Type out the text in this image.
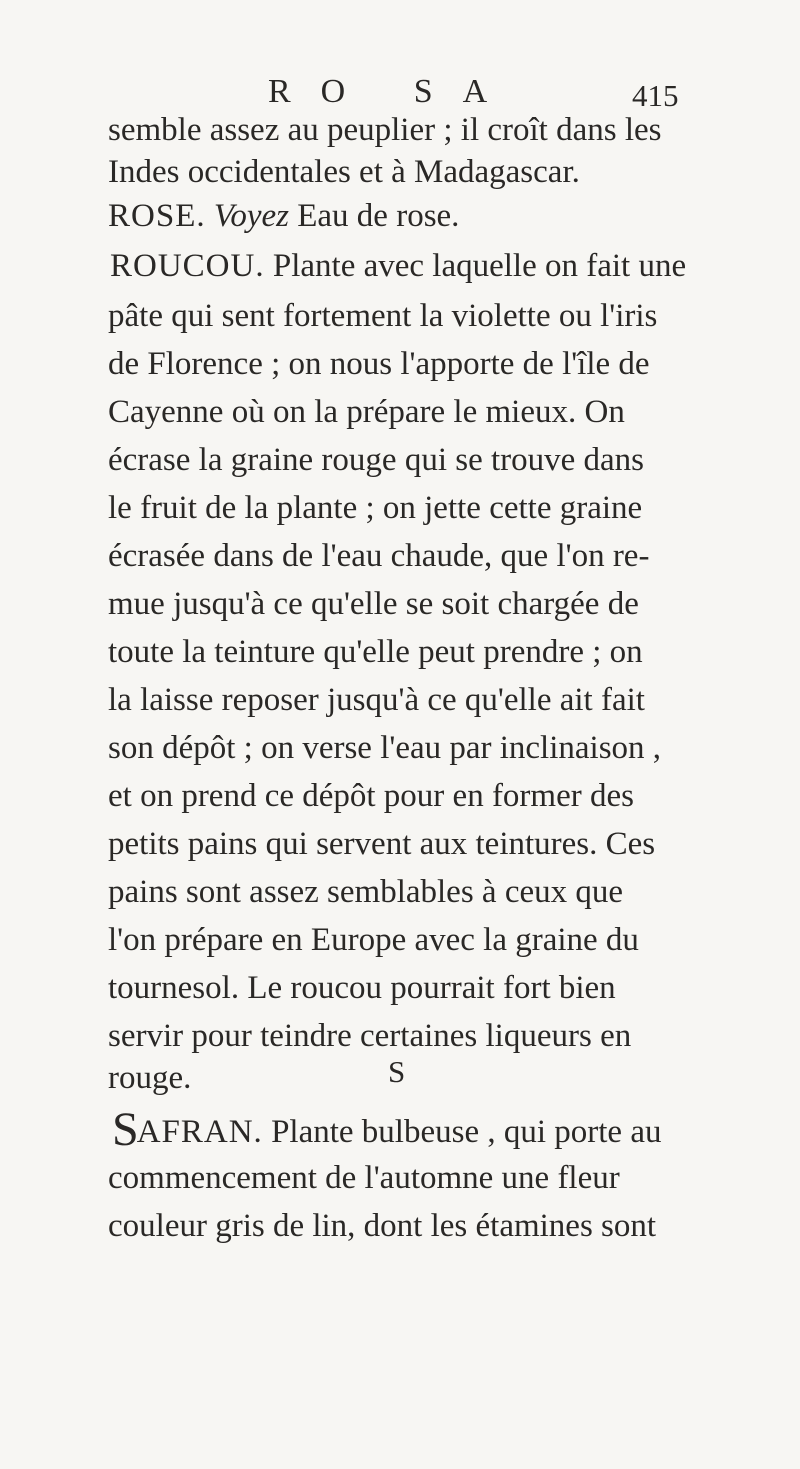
RO SA	415
semble assez au peuplier ; il croît dans les
Indes occidentales et à Madagascar.
ROSE. Voyez Eau de rose.
ROUCOU. Plante avec laquelle on fait une
pâte qui sent fortement la violette ou l'iris
de Florence ; on nous l'apporte de l'île de
Cayenne où on la prépare le mieux. On
écrase la graine rouge qui se trouve dans
le fruit de la plante ; on jette cette graine
écrasée dans de l'eau chaude, que l'on re-
mue jusqu'à ce qu'elle se soit chargée de
toute la teinture qu'elle peut prendre ; on
la laisse reposer jusqu'à ce qu'elle ait fait
son dépôt ; on verse l'eau par inclinaison ,
et on prend ce dépôt pour en former des
petits pains qui servent aux teintures. Ces
pains sont assez semblables à ceux que
l'on prépare en Europe avec la graine du
tournesol. Le roucou pourrait fort bien
servir pour teindre certaines liqueurs en
rouge.	S
SAFRAN. Plante bulbeuse , qui porte au
commencement de l'automne une fleur
couleur gris de lin, dont les étamines sont
